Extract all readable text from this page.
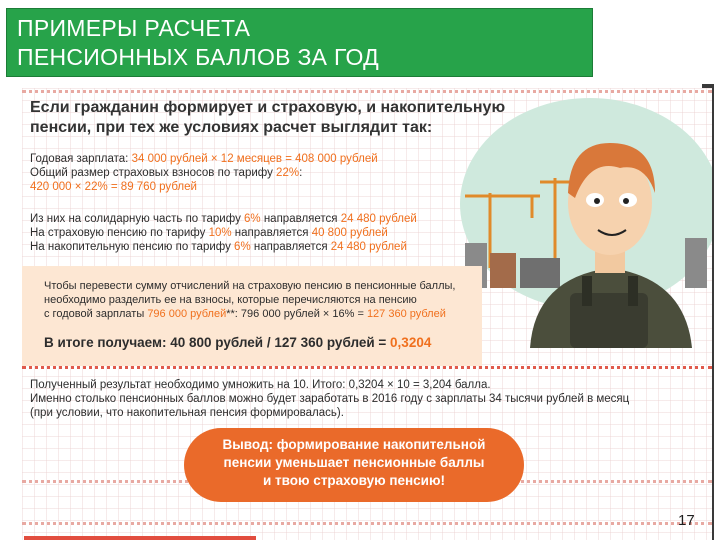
ПРИМЕРЫ РАСЧЕТА
ПЕНСИОННЫХ БАЛЛОВ ЗА ГОД

Если гражданин формирует и страховую, и накопительную
пенсии, при тех же условиях расчет выглядит так:

Годовая зарплата: 34 000 рублей × 12 месяцев = 408 000 рублей

Общий размер страховых взносов по тарифу 22%:

420 000 × 22% = 89 760 рублей

Из них на солидарную часть по тарифу 6% направляется 24 480 рублей

На страховую пенсию по тарифу 10% направляется 40 800 рублей

На накопительную пенсию по тарифу 6% направляется 24 480 рублей

Чтобы перевести сумму отчислений на страховую пенсию в пенсионные баллы,

необходимо разделить ее на взносы, которые перечисляются на пенсию

с годовой зарплаты 796 000 рублей**: 796 000 рублей × 16% = 127 360 рублей

В итоге получаем: 40 800 рублей / 127 360 рублей = 0,3204

Полученный результат необходимо умножить на 10. Итого: 0,3204 × 10 = 3,204 балла.

Именно столько пенсионных баллов можно будет заработать в 2016 году с зарплаты 34 тысячи рублей в месяц

(при условии, что накопительная пенсия формировалась).

Вывод: формирование накопительной
пенсии уменьшает пенсионные баллы
и твою страховую пенсию!
17
